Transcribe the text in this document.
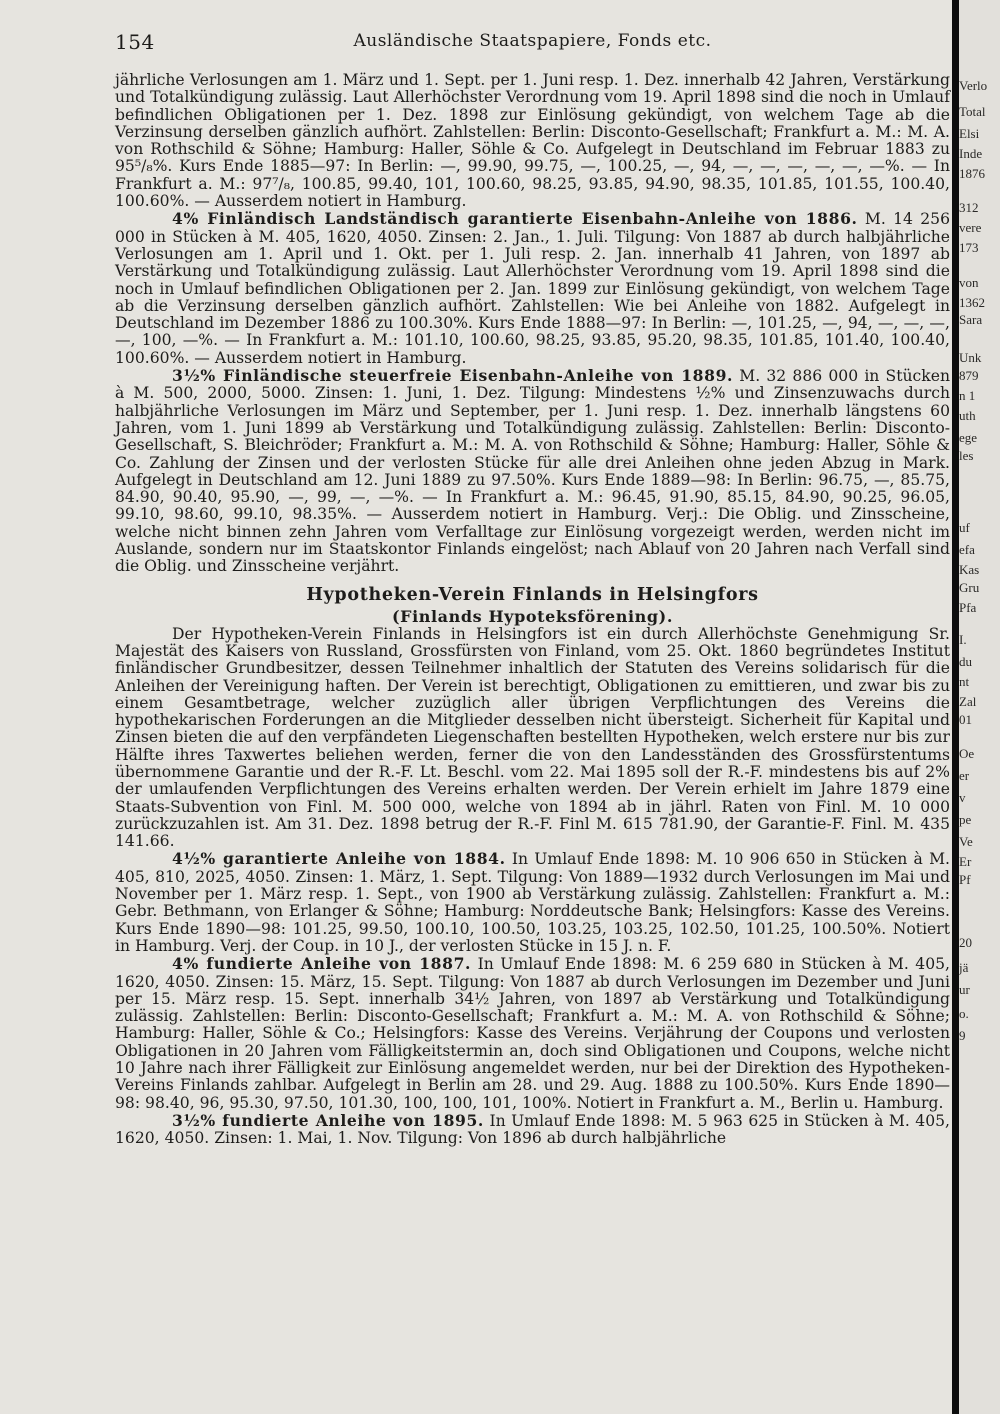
154	Ausländische Staatspapiere, Fonds etc.

jährliche Verlosungen am 1. März und 1. Sept. per 1. Juni resp. 1. Dez. innerhalb 42 Jahren, Verstärkung und Totalkündigung zulässig. Laut Allerhöchster Verordnung vom 19. April 1898 sind die noch in Umlauf befindlichen Obligationen per 1. Dez. 1898 zur Einlösung gekündigt, von welchem Tage ab die Verzinsung derselben gänzlich aufhört. Zahlstellen: Berlin: Disconto-Gesellschaft; Frankfurt a. M.: M. A. von Rothschild & Söhne; Hamburg: Haller, Söhle & Co. Aufgelegt in Deutschland im Februar 1883 zu 95⁵/₈%. Kurs Ende 1885—97: In Berlin: —, 99.90, 99.75, —, 100.25, —, 94, —, —, —, —, —, —%. — In Frankfurt a. M.: 97⁷/₈, 100.85, 99.40, 101, 100.60, 98.25, 93.85, 94.90, 98.35, 101.85, 101.55, 100.40, 100.60%. — Ausserdem notiert in Hamburg.

4% Finländisch Landständisch garantierte Eisenbahn-Anleihe von 1886. M. 14 256 000 in Stücken à M. 405, 1620, 4050. Zinsen: 2. Jan., 1. Juli. Tilgung: Von 1887 ab durch halbjährliche Verlosungen am 1. April und 1. Okt. per 1. Juli resp. 2. Jan. innerhalb 41 Jahren, von 1897 ab Verstärkung und Totalkündigung zulässig. Laut Allerhöchster Verordnung vom 19. April 1898 sind die noch in Umlauf befindlichen Obligationen per 2. Jan. 1899 zur Einlösung gekündigt, von welchem Tage ab die Verzinsung derselben gänzlich aufhört. Zahlstellen: Wie bei Anleihe von 1882. Aufgelegt in Deutschland im Dezember 1886 zu 100.30%. Kurs Ende 1888—97: In Berlin: —, 101.25, —, 94, —, —, —, —, 100, —%. — In Frankfurt a. M.: 101.10, 100.60, 98.25, 93.85, 95.20, 98.35, 101.85, 101.40, 100.40, 100.60%. — Ausserdem notiert in Hamburg.

3½% Finländische steuerfreie Eisenbahn-Anleihe von 1889. M. 32 886 000 in Stücken à M. 500, 2000, 5000. Zinsen: 1. Juni, 1. Dez. Tilgung: Mindestens ½% und Zinsenzuwachs durch halbjährliche Verlosungen im März und September, per 1. Juni resp. 1. Dez. innerhalb längstens 60 Jahren, vom 1. Juni 1899 ab Verstärkung und Totalkündigung zulässig. Zahlstellen: Berlin: Disconto-Gesellschaft, S. Bleichröder; Frankfurt a. M.: M. A. von Rothschild & Söhne; Hamburg: Haller, Söhle & Co. Zahlung der Zinsen und der verlosten Stücke für alle drei Anleihen ohne jeden Abzug in Mark. Aufgelegt in Deutschland am 12. Juni 1889 zu 97.50%. Kurs Ende 1889—98: In Berlin: 96.75, —, 85.75, 84.90, 90.40, 95.90, —, 99, —, —%. — In Frankfurt a. M.: 96.45, 91.90, 85.15, 84.90, 90.25, 96.05, 99.10, 98.60, 99.10, 98.35%. — Ausserdem notiert in Hamburg. Verj.: Die Oblig. und Zinsscheine, welche nicht binnen zehn Jahren vom Verfalltage zur Einlösung vorgezeigt werden, werden nicht im Auslande, sondern nur im Staatskontor Finlands eingelöst; nach Ablauf von 20 Jahren nach Verfall sind die Oblig. und Zinsscheine verjährt.

Hypotheken-Verein Finlands in Helsingfors
(Finlands Hypoteksförening).

Der Hypotheken-Verein Finlands in Helsingfors ist ein durch Allerhöchste Genehmigung Sr. Majestät des Kaisers von Russland, Grossfürsten von Finland, vom 25. Okt. 1860 begründetes Institut finländischer Grundbesitzer, dessen Teilnehmer inhaltlich der Statuten des Vereins solidarisch für die Anleihen der Vereinigung haften. Der Verein ist berechtigt, Obligationen zu emittieren, und zwar bis zu einem Gesamtbetrage, welcher zuzüglich aller übrigen Verpflichtungen des Vereins die hypothekarischen Forderungen an die Mitglieder desselben nicht übersteigt. Sicherheit für Kapital und Zinsen bieten die auf den verpfändeten Liegenschaften bestellten Hypotheken, welch erstere nur bis zur Hälfte ihres Taxwertes beliehen werden, ferner die von den Landesständen des Grossfürstentums übernommene Garantie und der R.-F. Lt. Beschl. vom 22. Mai 1895 soll der R.-F. mindestens bis auf 2% der umlaufenden Verpflichtungen des Vereins erhalten werden. Der Verein erhielt im Jahre 1879 eine Staats-Subvention von Finl. M. 500 000, welche von 1894 ab in jährl. Raten von Finl. M. 10 000 zurückzuzahlen ist. Am 31. Dez. 1898 betrug der R.-F. Finl M. 615 781.90, der Garantie-F. Finl. M. 435 141.66.

4½% garantierte Anleihe von 1884. In Umlauf Ende 1898: M. 10 906 650 in Stücken à M. 405, 810, 2025, 4050. Zinsen: 1. März, 1. Sept. Tilgung: Von 1889—1932 durch Verlosungen im Mai und November per 1. März resp. 1. Sept., von 1900 ab Verstärkung zulässig. Zahlstellen: Frankfurt a. M.: Gebr. Bethmann, von Erlanger & Söhne; Hamburg: Norddeutsche Bank; Helsingfors: Kasse des Vereins. Kurs Ende 1890—98: 101.25, 99.50, 100.10, 100.50, 103.25, 103.25, 102.50, 101.25, 100.50%. Notiert in Hamburg. Verj. der Coup. in 10 J., der verlosten Stücke in 15 J. n. F.

4% fundierte Anleihe von 1887. In Umlauf Ende 1898: M. 6 259 680 in Stücken à M. 405, 1620, 4050. Zinsen: 15. März, 15. Sept. Tilgung: Von 1887 ab durch Verlosungen im Dezember und Juni per 15. März resp. 15. Sept. innerhalb 34½ Jahren, von 1897 ab Verstärkung und Totalkündigung zulässig. Zahlstellen: Berlin: Disconto-Gesellschaft; Frankfurt a. M.: M. A. von Rothschild & Söhne; Hamburg: Haller, Söhle & Co.; Helsingfors: Kasse des Vereins. Verjährung der Coupons und verlosten Obligationen in 20 Jahren vom Fälligkeitstermin an, doch sind Obligationen und Coupons, welche nicht 10 Jahre nach ihrer Fälligkeit zur Einlösung angemeldet werden, nur bei der Direktion des Hypotheken-Vereins Finlands zahlbar. Aufgelegt in Berlin am 28. und 29. Aug. 1888 zu 100.50%. Kurs Ende 1890—98: 98.40, 96, 95.30, 97.50, 101.30, 100, 100, 101, 100%. Notiert in Frankfurt a. M., Berlin u. Hamburg.

3½% fundierte Anleihe von 1895. In Umlauf Ende 1898: M. 5 963 625 in Stücken à M. 405, 1620, 4050. Zinsen: 1. Mai, 1. Nov. Tilgung: Von 1896 ab durch halbjährliche

Verlo
Total
Elsi
Inde
1876
312
vere
173
von
1362
Sara
Unk
879
n 1
uth
ege
les
uf
efa
Kas
Gru
Pfa
I.
du
nt
Zal
01
Oe
er
v
pe
Ve
Er
Pf
20
jä
ur
o.
9
